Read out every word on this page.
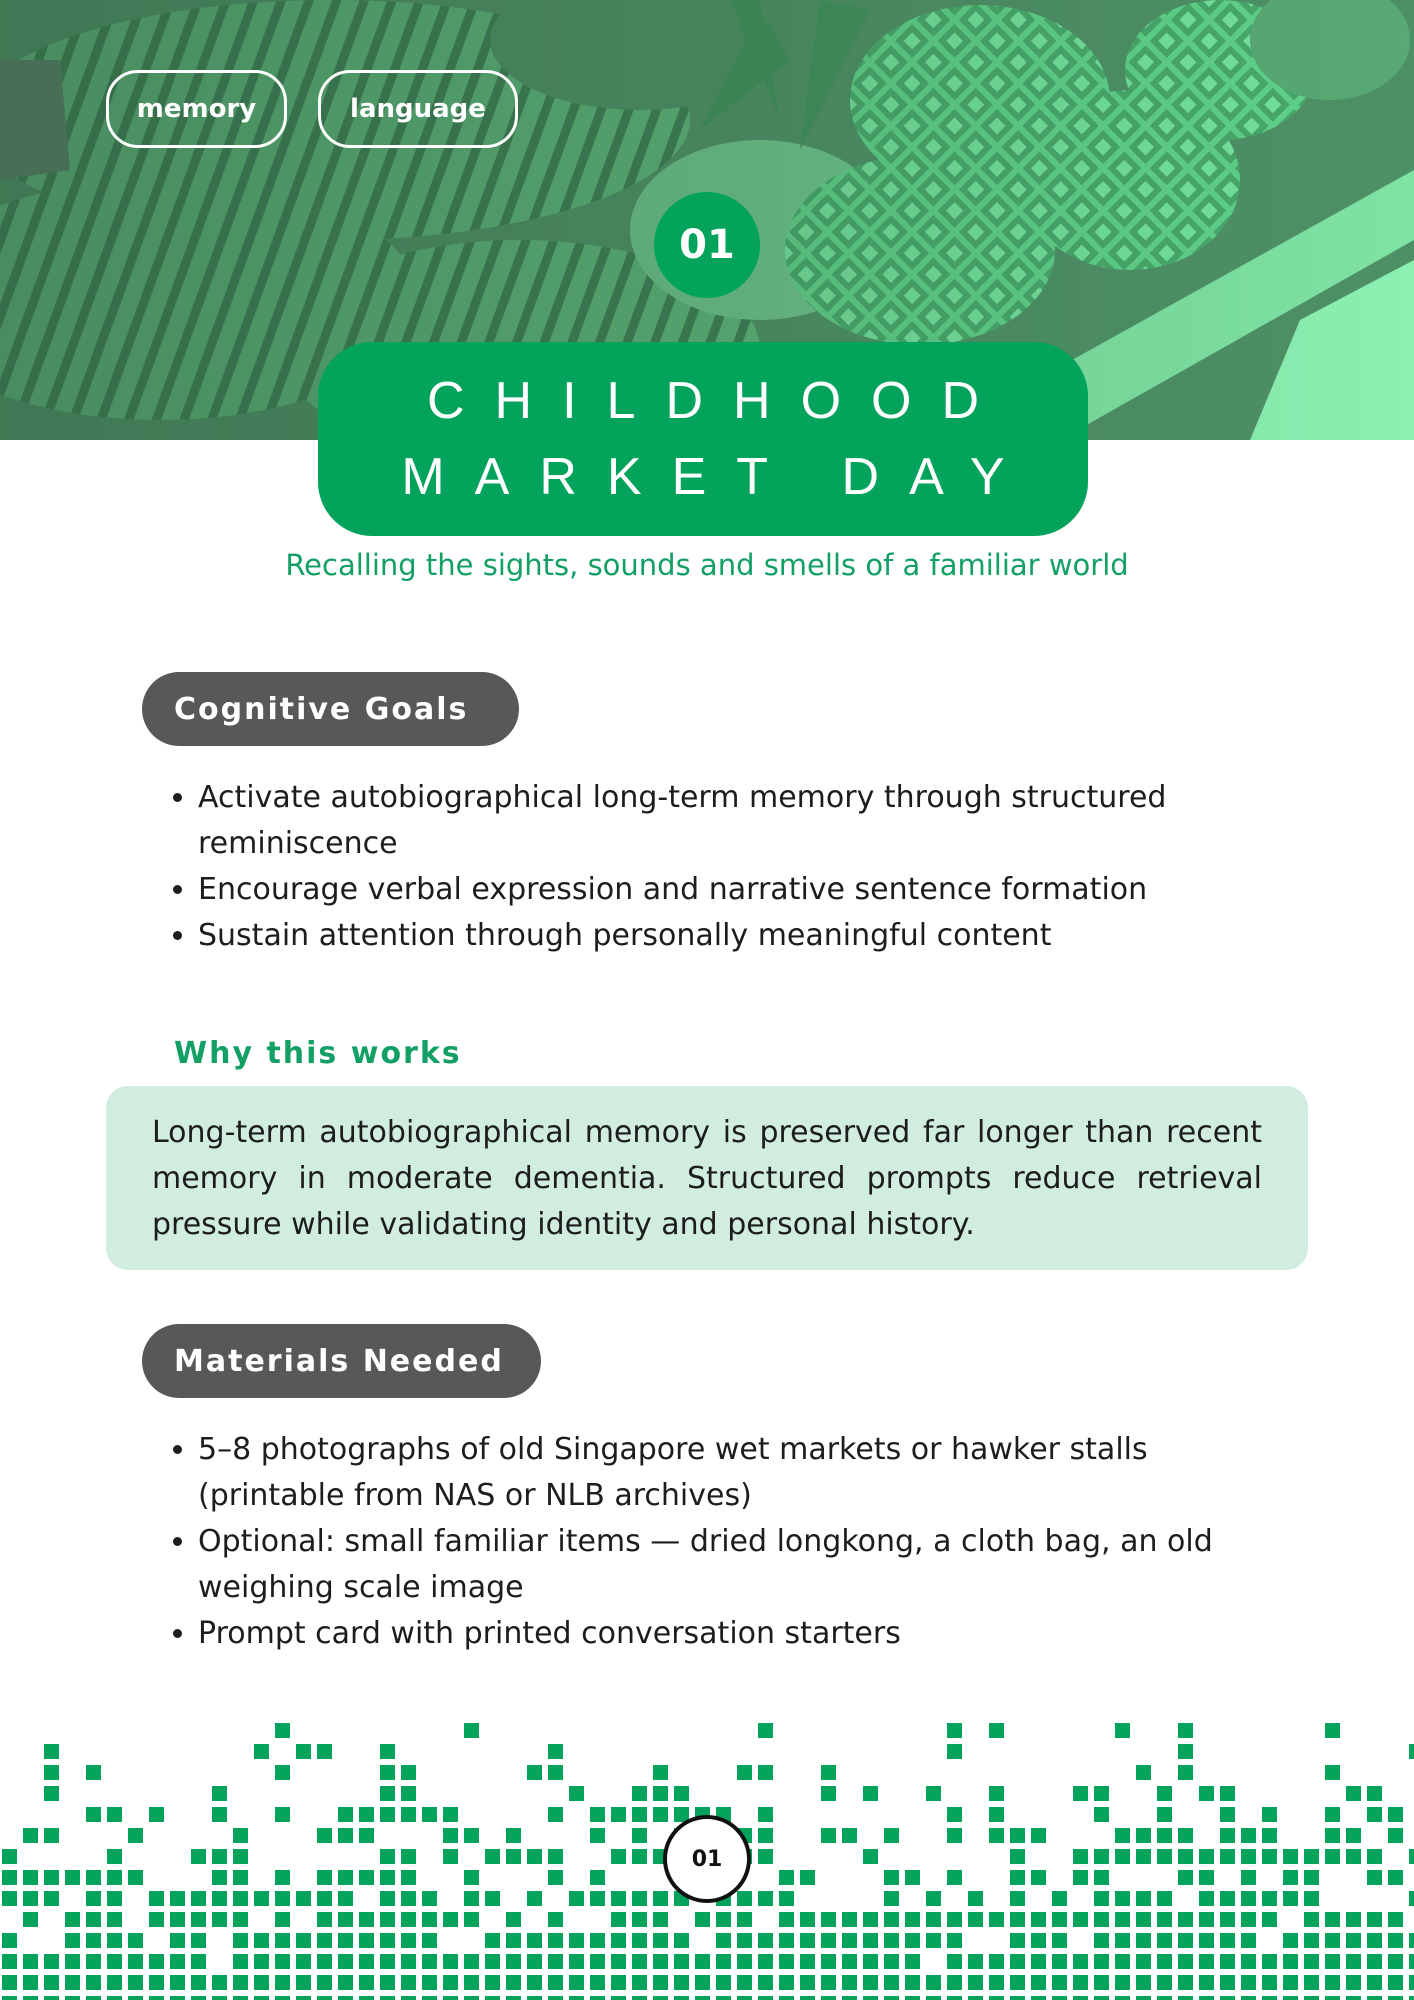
memory	language
01
CHILDHOOD
MARKET DAY
Recalling the sights, sounds and smells of a familiar world
Cognitive Goals
• Activate autobiographical long-term memory through structured reminiscence
• Encourage verbal expression and narrative sentence formation
• Sustain attention through personally meaningful content
Why this works
Long-term autobiographical memory is preserved far longer than recent memory in moderate dementia. Structured prompts reduce retrieval pressure while validating identity and personal history.
Materials Needed
• 5–8 photographs of old Singapore wet markets or hawker stalls (printable from NAS or NLB archives)
• Optional: small familiar items — dried longkong, a cloth bag, an old weighing scale image
• Prompt card with printed conversation starters
01
